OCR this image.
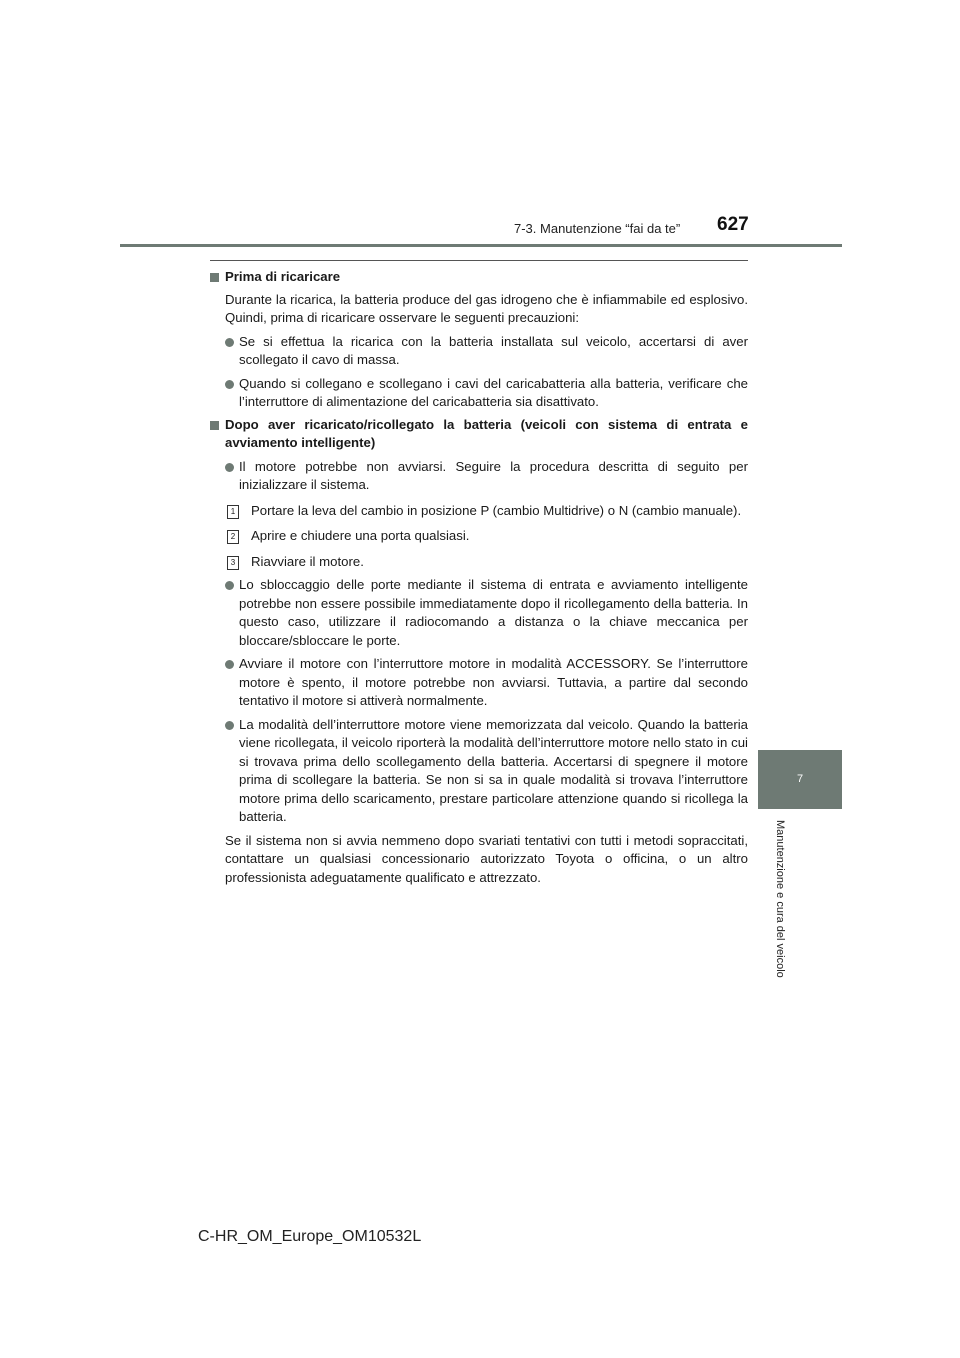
7-3. Manutenzione “fai da te” 627
7
Manutenzione e cura del veicolo
Prima di ricaricare
Durante la ricarica, la batteria produce del gas idrogeno che è infiammabile ed esplosivo. Quindi, prima di ricaricare osservare le seguenti precauzioni:
Se si effettua la ricarica con la batteria installata sul veicolo, accertarsi di aver scollegato il cavo di massa.
Quando si collegano e scollegano i cavi del caricabatteria alla batteria, verificare che l’interruttore di alimentazione del caricabatteria sia disattivato.
Dopo aver ricaricato/ricollegato la batteria (veicoli con sistema di entrata e avviamento intelligente)
Il motore potrebbe non avviarsi. Seguire la procedura descritta di seguito per inizializzare il sistema.
1 Portare la leva del cambio in posizione P (cambio Multidrive) o N (cambio manuale).
2 Aprire e chiudere una porta qualsiasi.
3 Riavviare il motore.
Lo sbloccaggio delle porte mediante il sistema di entrata e avviamento intelligente potrebbe non essere possibile immediatamente dopo il ricollegamento della batteria. In questo caso, utilizzare il radiocomando a distanza o la chiave meccanica per bloccare/sbloccare le porte.
Avviare il motore con l’interruttore motore in modalità ACCESSORY. Se l’interruttore motore è spento, il motore potrebbe non avviarsi. Tuttavia, a partire dal secondo tentativo il motore si attiverà normalmente.
La modalità dell’interruttore motore viene memorizzata dal veicolo. Quando la batteria viene ricollegata, il veicolo riporterà la modalità dell’interruttore motore nello stato in cui si trovava prima dello scollegamento della batteria. Accertarsi di spegnere il motore prima di scollegare la batteria. Se non si sa in quale modalità si trovava l’interruttore motore prima dello scaricamento, prestare particolare attenzione quando si ricollega la batteria.
Se il sistema non si avvia nemmeno dopo svariati tentativi con tutti i metodi sopraccitati, contattare un qualsiasi concessionario autorizzato Toyota o officina, o un altro professionista adeguatamente qualificato e attrezzato.
C-HR_OM_Europe_OM10532L
